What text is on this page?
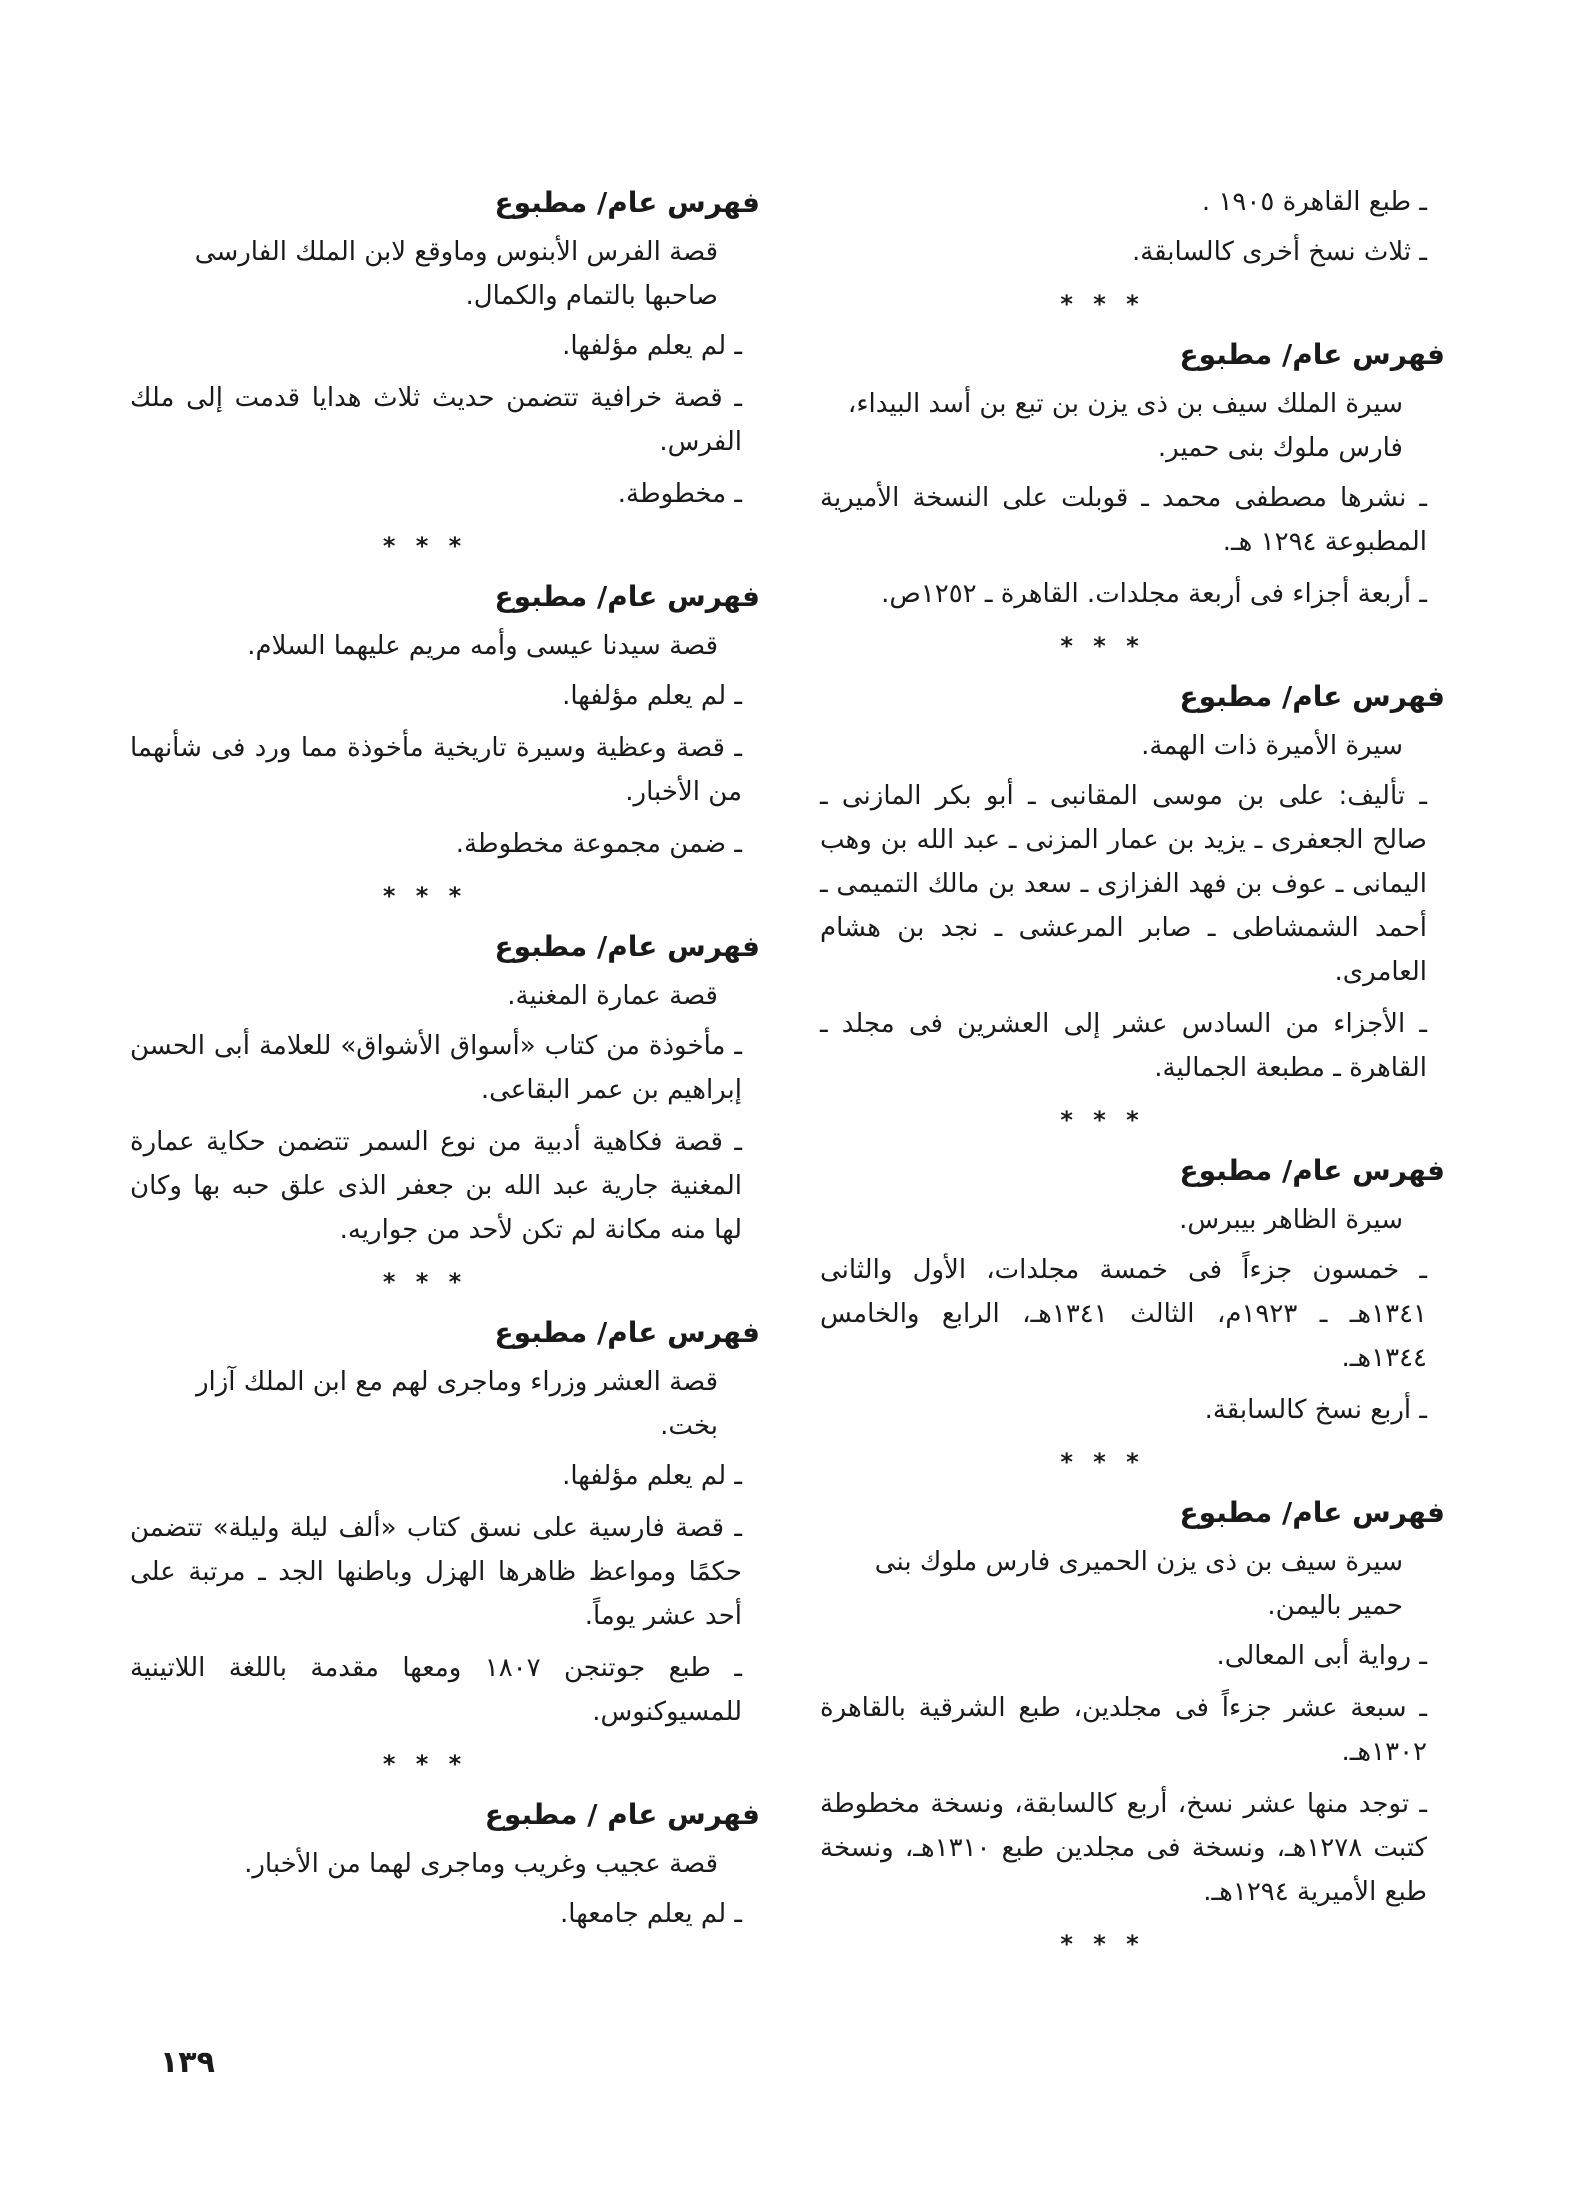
ـ طبع القاهرة ١٩٠٥ .

ـ ثلاث نسخ أخرى كالسابقة.

* * *
فهرس عام/ مطبوع

سيرة الملك سيف بن ذى يزن بن تبع بن أسد البيداء، فارس ملوك بنى حمير.

ـ نشرها مصطفى محمد ـ قوبلت على النسخة الأميرية المطبوعة ١٢٩٤ هـ.

ـ أربعة أجزاء فى أربعة مجلدات. القاهرة ـ ١٢٥٢ص.

* * *
فهرس عام/ مطبوع

سيرة الأميرة ذات الهمة.

ـ تأليف: على بن موسى المقانبى ـ أبو بكر المازنى ـ صالح الجعفرى ـ يزيد بن عمار المزنى ـ عبد الله بن وهب اليمانى ـ عوف بن فهد الفزازى ـ سعد بن مالك التميمى ـ أحمد الشمشاطى ـ صابر المرعشى ـ نجد بن هشام العامرى.

ـ الأجزاء من السادس عشر إلى العشرين فى مجلد ـ القاهرة ـ مطبعة الجمالية.

* * *
فهرس عام/ مطبوع

سيرة الظاهر بيبرس.

ـ خمسون جزءاً فى خمسة مجلدات، الأول والثانى ١٣٤١هـ ـ ١٩٢٣م، الثالث ١٣٤١هـ، الرابع والخامس ١٣٤٤هـ.

ـ أربع نسخ كالسابقة.

* * *
فهرس عام/ مطبوع

سيرة سيف بن ذى يزن الحميرى فارس ملوك بنى حمير باليمن.

ـ رواية أبى المعالى.

ـ سبعة عشر جزءاً فى مجلدين، طبع الشرقية بالقاهرة ١٣٠٢هـ.

ـ توجد منها عشر نسخ، أربع كالسابقة، ونسخة مخطوطة كتبت ١٢٧٨هـ، ونسخة فى مجلدين طبع ١٣١٠هـ، ونسخة طبع الأميرية ١٢٩٤هـ.

* * *
فهرس عام/ مطبوع

قصة الفرس الأبنوس وماوقع لابن الملك الفارسى صاحبها بالتمام والكمال.

ـ لم يعلم مؤلفها.

ـ قصة خرافية تتضمن حديث ثلاث هدايا قدمت إلى ملك الفرس.

ـ مخطوطة.

* * *
فهرس عام/ مطبوع

قصة سيدنا عيسى وأمه مريم عليهما السلام.

ـ لم يعلم مؤلفها.

ـ قصة وعظية وسيرة تاريخية مأخوذة مما ورد فى شأنهما من الأخبار.

ـ ضمن مجموعة مخطوطة.

* * *
فهرس عام/ مطبوع

قصة عمارة المغنية.

ـ مأخوذة من كتاب «أسواق الأشواق» للعلامة أبى الحسن إبراهيم بن عمر البقاعى.

ـ قصة فكاهية أدبية من نوع السمر تتضمن حكاية عمارة المغنية جارية عبد الله بن جعفر الذى علق حبه بها وكان لها منه مكانة لم تكن لأحد من جواريه.

* * *
فهرس عام/ مطبوع

قصة العشر وزراء وماجرى لهم مع ابن الملك آزار بخت.

ـ لم يعلم مؤلفها.

ـ قصة فارسية على نسق كتاب «ألف ليلة وليلة» تتضمن حكمًا ومواعظ ظاهرها الهزل وباطنها الجد ـ مرتبة على أحد عشر يوماً.

ـ طبع جوتنجن ١٨٠٧ ومعها مقدمة باللغة اللاتينية للمسيوكنوس.

* * *
فهرس عام / مطبوع

قصة عجيب وغريب وماجرى لهما من الأخبار.

ـ لم يعلم جامعها.

١٣٩
